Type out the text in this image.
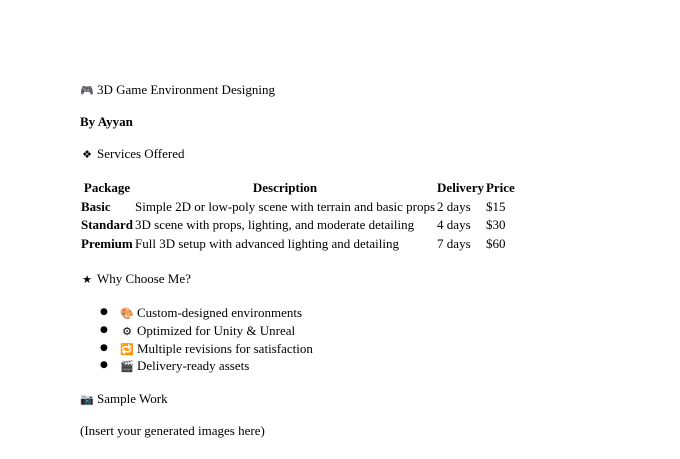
🎮 3D Game Environment Designing
By Ayyan
❖ Services Offered
Package	Description	Delivery	Price
Basic	Simple 2D or low-poly scene with terrain and basic props	2 days	$15
Standard	3D scene with props, lighting, and moderate detailing	4 days	$30
Premium	Full 3D setup with advanced lighting and detailing	7 days	$60
★ Why Choose Me?
● 🎨 Custom-designed environments
● ⚙ Optimized for Unity & Unreal
● 🔁 Multiple revisions for satisfaction
● 🎬 Delivery-ready assets
📷 Sample Work
(Insert your generated images here)
